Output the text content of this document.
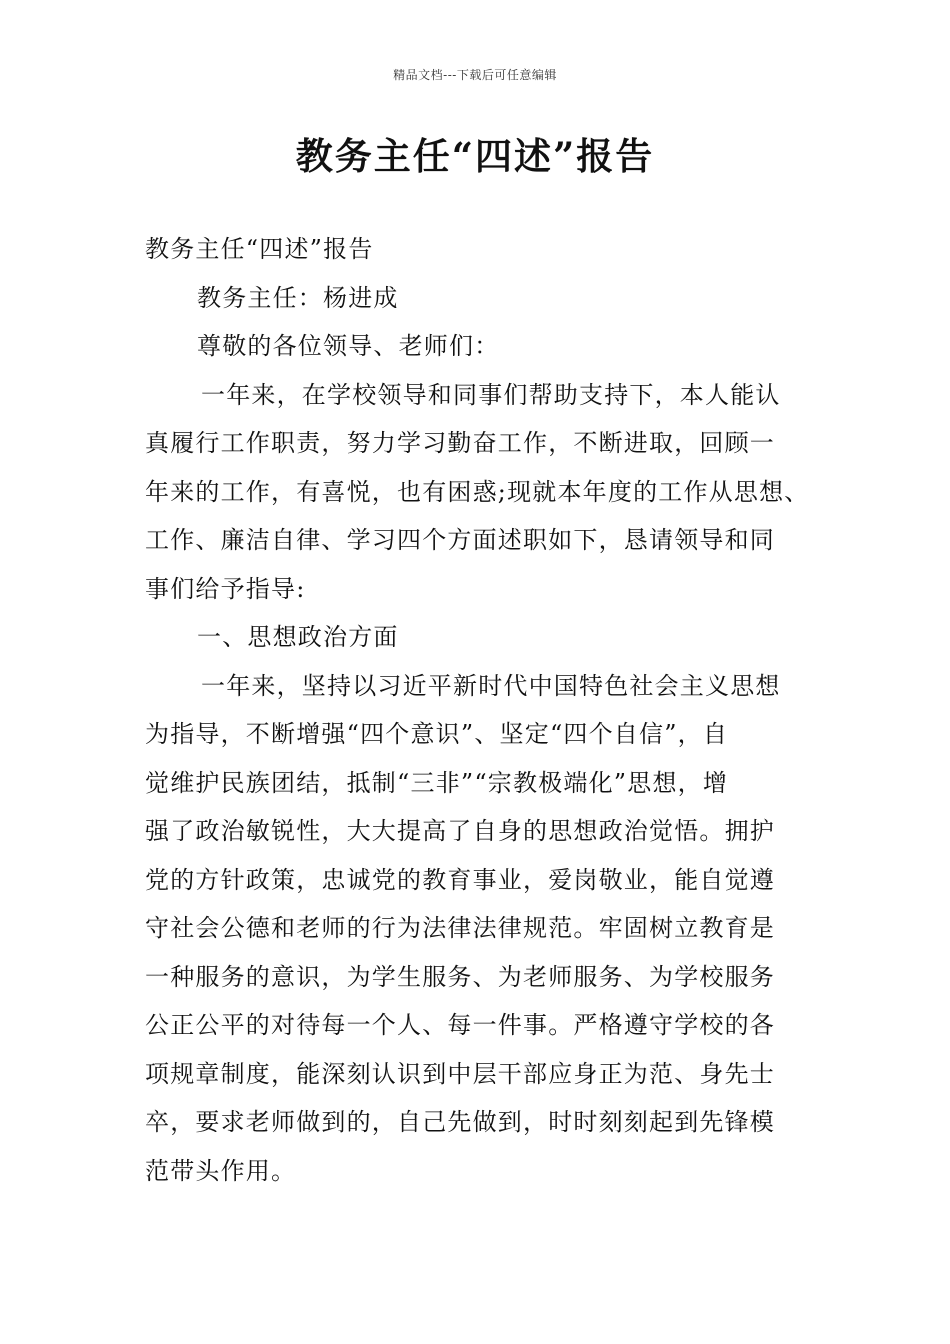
精品文档---下载后可任意编辑
教务主任“四述”报告
教务主任“四述”报告
教务主任：杨进成
尊敬的各位领导、老师们：
一年来，在学校领导和同事们帮助支持下，本人能认
真履行工作职责，努力学习勤奋工作，不断进取，回顾一
年来的工作，有喜悦，也有困惑;现就本年度的工作从思想、
工作、廉洁自律、学习四个方面述职如下，恳请领导和同
事们给予指导:
一、思想政治方面
一年来，坚持以习近平新时代中国特色社会主义思想
为指导，不断增强“四个意识”、坚定“四个自信”，自
觉维护民族团结，抵制“三非”“宗教极端化”思想，增
强了政治敏锐性，大大提高了自身的思想政治觉悟。拥护
党的方针政策，忠诚党的教育事业，爱岗敬业，能自觉遵
守社会公德和老师的行为法律法律规范。牢固树立教育是
一种服务的意识，为学生服务、为老师服务、为学校服务
公正公平的对待每一个人、每一件事。严格遵守学校的各
项规章制度，能深刻认识到中层干部应身正为范、身先士
卒，要求老师做到的，自己先做到，时时刻刻起到先锋模
范带头作用。
